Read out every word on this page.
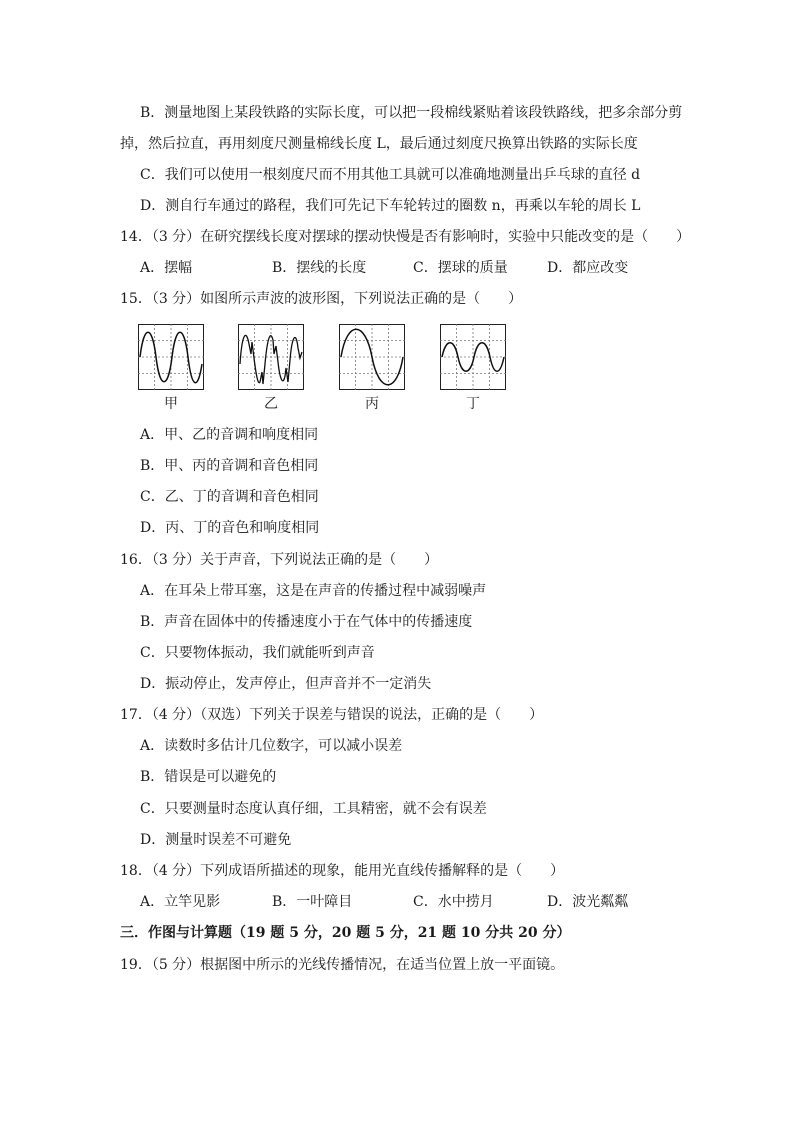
B．测量地图上某段铁路的实际长度，可以把一段棉线紧贴着该段铁路线，把多余部分剪
掉，然后拉直，再用刻度尺测量棉线长度 L，最后通过刻度尺换算出铁路的实际长度
C．我们可以使用一根刻度尺而不用其他工具就可以准确地测量出乒乓球的直径 d
D．测自行车通过的路程，我们可先记下车轮转过的圈数 n，再乘以车轮的周长 L
14．（3 分）在研究摆线长度对摆球的摆动快慢是否有影响时，实验中只能改变的是（　　）
A．摆幅	B．摆线的长度	C．摆球的质量	D．都应改变
15．（3 分）如图所示声波的波形图，下列说法正确的是（　　）
甲	乙	丙	丁
A．甲、乙的音调和响度相同
B．甲、丙的音调和音色相同
C．乙、丁的音调和音色相同
D．丙、丁的音色和响度相同
16．（3 分）关于声音，下列说法正确的是（　　）
A．在耳朵上带耳塞，这是在声音的传播过程中减弱噪声
B．声音在固体中的传播速度小于在气体中的传播速度
C．只要物体振动，我们就能听到声音
D．振动停止，发声停止，但声音并不一定消失
17．（4 分）（双选）下列关于误差与错误的说法，正确的是（　　）
A．读数时多估计几位数字，可以减小误差
B．错误是可以避免的
C．只要测量时态度认真仔细，工具精密，就不会有误差
D．测量时误差不可避免
18．（4 分）下列成语所描述的现象，能用光直线传播解释的是（　　）
A．立竿见影	B．一叶障目	C．水中捞月	D．波光粼粼
三．作图与计算题（19 题 5 分，20 题 5 分，21 题 10 分共 20 分）
19．（5 分）根据图中所示的光线传播情况，在适当位置上放一平面镜。
